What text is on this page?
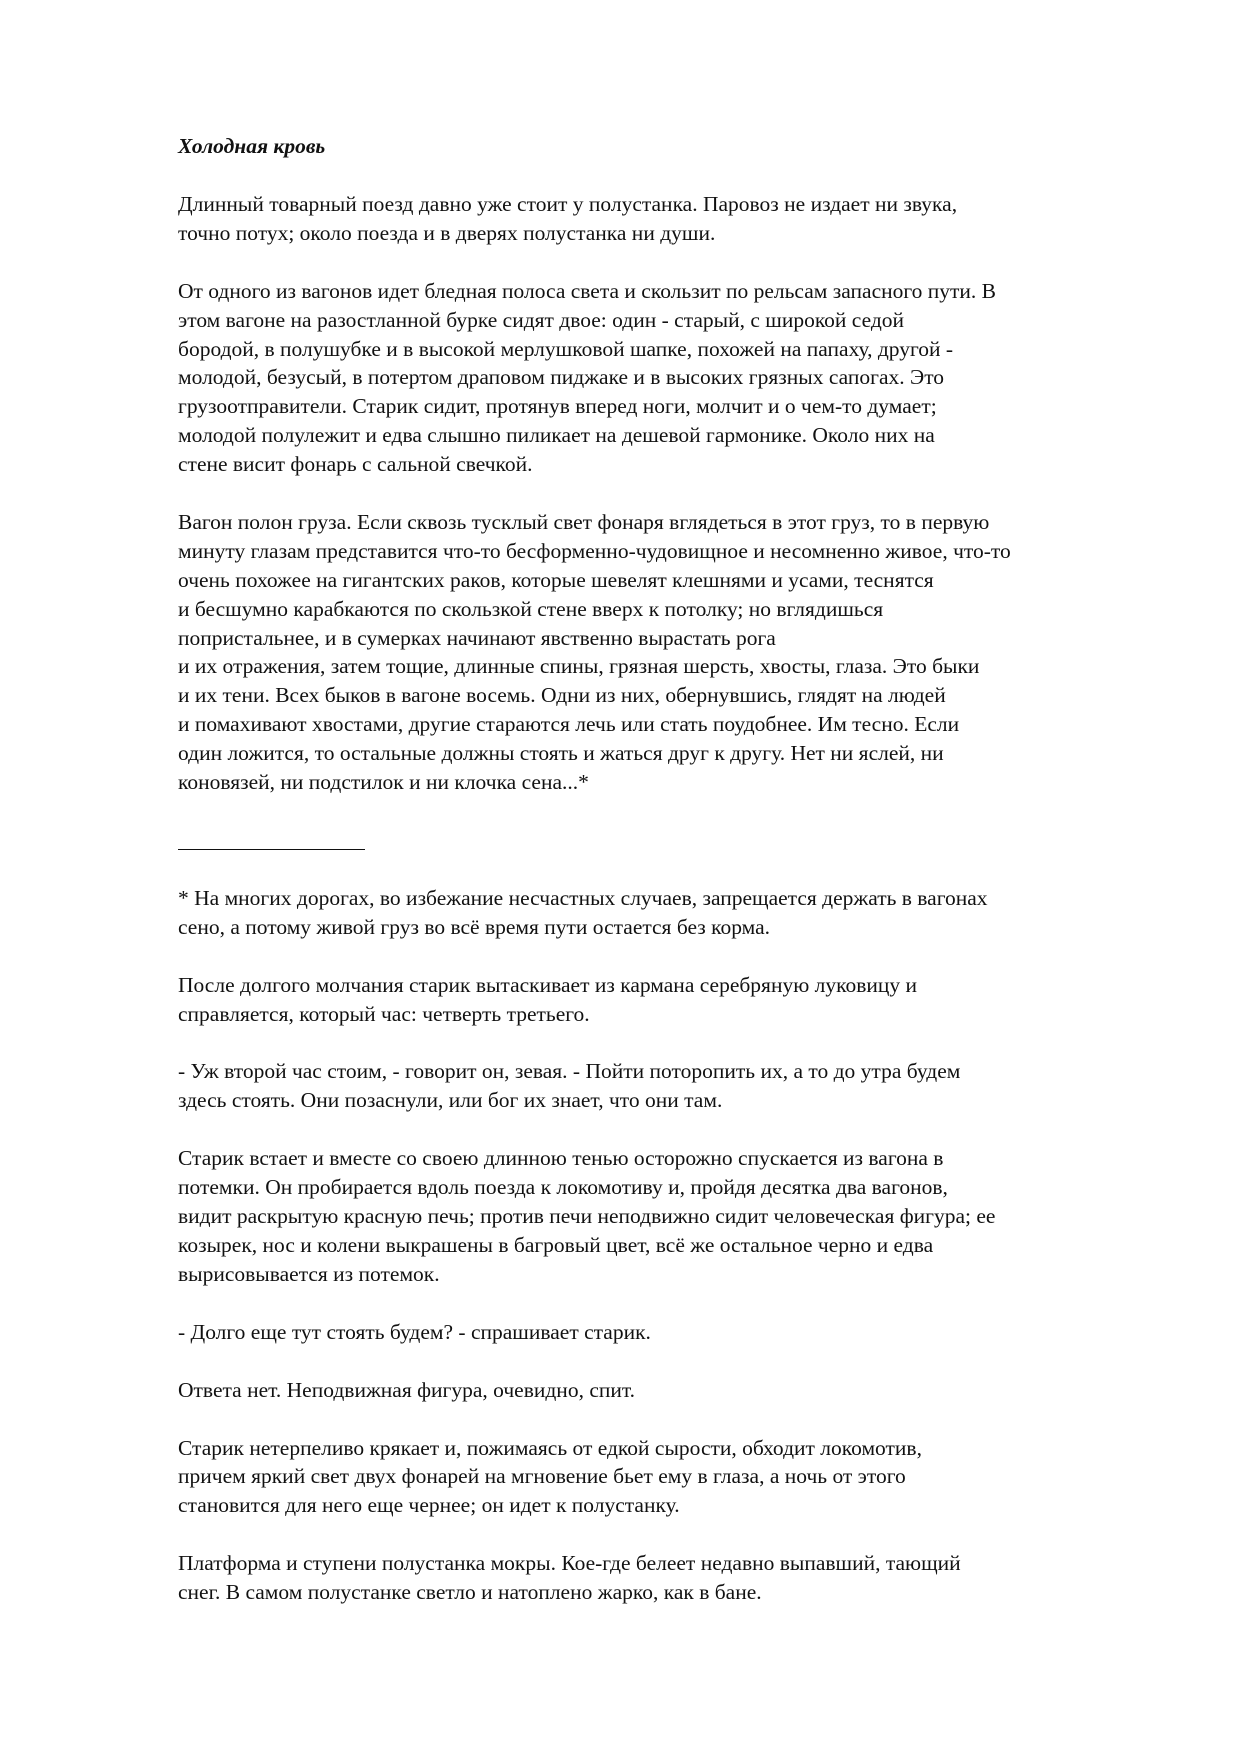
Холодная кровь
Длинный товарный поезд давно уже стоит у полустанка. Паровоз не издает ни звука,
точно потух; около поезда и в дверях полустанка ни души.
От одного из вагонов идет бледная полоса света и скользит по рельсам запасного пути. В
этом вагоне на разостланной бурке сидят двое: один - старый, с широкой седой
бородой, в полушубке и в высокой мерлушковой шапке, похожей на папаху, другой -
молодой, безусый, в потертом драповом пиджаке и в высоких грязных сапогах. Это
грузоотправители. Старик сидит, протянув вперед ноги, молчит и о чем-то думает;
молодой полулежит и едва слышно пиликает на дешевой гармонике. Около них на
стене висит фонарь с сальной свечкой.
Вагон полон груза. Если сквозь тусклый свет фонаря вглядеться в этот груз, то в первую
минуту глазам представится что-то бесформенно-чудовищное и несомненно живое, что-то
очень похожее на гигантских раков, которые шевелят клешнями и усами, теснятся
и бесшумно карабкаются по скользкой стене вверх к потолку; но вглядишься
попристальнее, и в сумерках начинают явственно вырастать рога
и их отражения, затем тощие, длинные спины, грязная шерсть, хвосты, глаза. Это быки
и их тени. Всех быков в вагоне восемь. Одни из них, обернувшись, глядят на людей
и помахивают хвостами, другие стараются лечь или стать поудобнее. Им тесно. Если
один ложится, то остальные должны стоять и жаться друг к другу. Нет ни яслей, ни
коновязей, ни подстилок и ни клочка сена...*
* На многих дорогах, во избежание несчастных случаев, запрещается держать в вагонах
сено, а потому живой груз во всё время пути остается без корма.
После долгого молчания старик вытаскивает из кармана серебряную луковицу и
справляется, который час: четверть третьего.
- Уж второй час стоим, - говорит он, зевая. - Пойти поторопить их, а то до утра будем
здесь стоять. Они позаснули, или бог их знает, что они там.
Старик встает и вместе со своею длинною тенью осторожно спускается из вагона в
потемки. Он пробирается вдоль поезда к локомотиву и, пройдя десятка два вагонов,
видит раскрытую красную печь; против печи неподвижно сидит человеческая фигура; ее
козырек, нос и колени выкрашены в багровый цвет, всё же остальное черно и едва
вырисовывается из потемок.
- Долго еще тут стоять будем? - спрашивает старик.
Ответа нет. Неподвижная фигура, очевидно, спит.
Старик нетерпеливо крякает и, пожимаясь от едкой сырости, обходит локомотив,
причем яркий свет двух фонарей на мгновение бьет ему в глаза, а ночь от этого
становится для него еще чернее; он идет к полустанку.
Платформа и ступени полустанка мокры. Кое-где белеет недавно выпавший, тающий
снег. В самом полустанке светло и натоплено жарко, как в бане.
